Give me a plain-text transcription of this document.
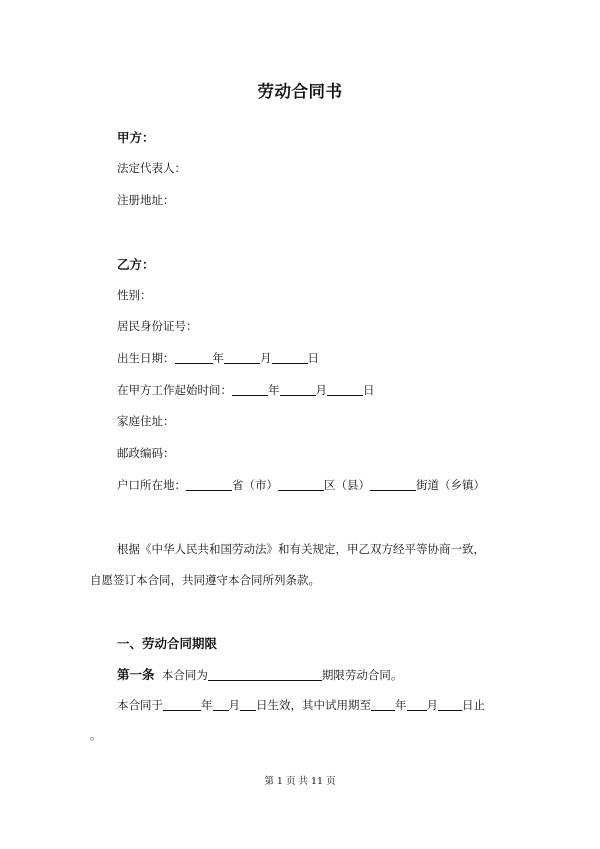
劳动合同书
甲方：
法定代表人：
注册地址：
乙方：
性别：
居民身份证号：
出生日期：	年	月	日
在甲方工作起始时间：	年	月	日
家庭住址：
邮政编码：
户口所在地：	省（市）	区（县）	街道（乡镇）
根据《中华人民共和国劳动法》和有关规定，甲乙双方经平等协商一致，
自愿签订本合同，共同遵守本合同所列条款。
一、劳动合同期限
第一条 本合同为	期限劳动合同。
本合同于	年 月 日生效，其中试用期至 年 月 日止
。
第 1 页 共 11 页
